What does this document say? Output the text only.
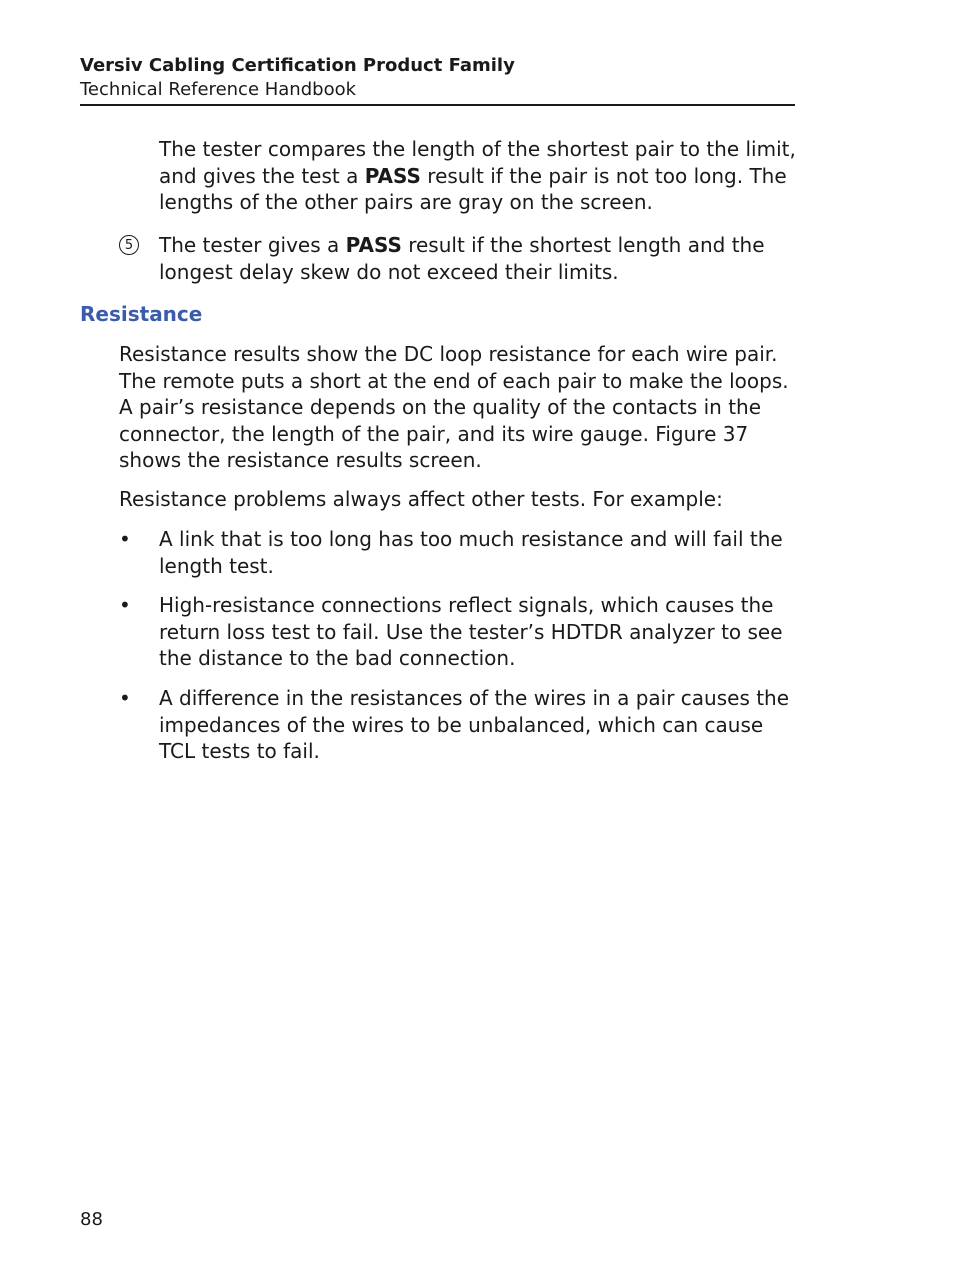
Versiv Cabling Certification Product Family
Technical Reference Handbook

The tester compares the length of the shortest pair to the limit, and gives the test a PASS result if the pair is not too long. The lengths of the other pairs are gray on the screen.

5 The tester gives a PASS result if the shortest length and the longest delay skew do not exceed their limits.

Resistance
Resistance results show the DC loop resistance for each wire pair. The remote puts a short at the end of each pair to make the loops. A pair’s resistance depends on the quality of the contacts in the connector, the length of the pair, and its wire gauge. Figure 37 shows the resistance results screen.
Resistance problems always affect other tests. For example:
• A link that is too long has too much resistance and will fail the length test.
• High-resistance connections reflect signals, which causes the return loss test to fail. Use the tester’s HDTDR analyzer to see the distance to the bad connection.
• A difference in the resistances of the wires in a pair causes the impedances of the wires to be unbalanced, which can cause TCL tests to fail.
88
